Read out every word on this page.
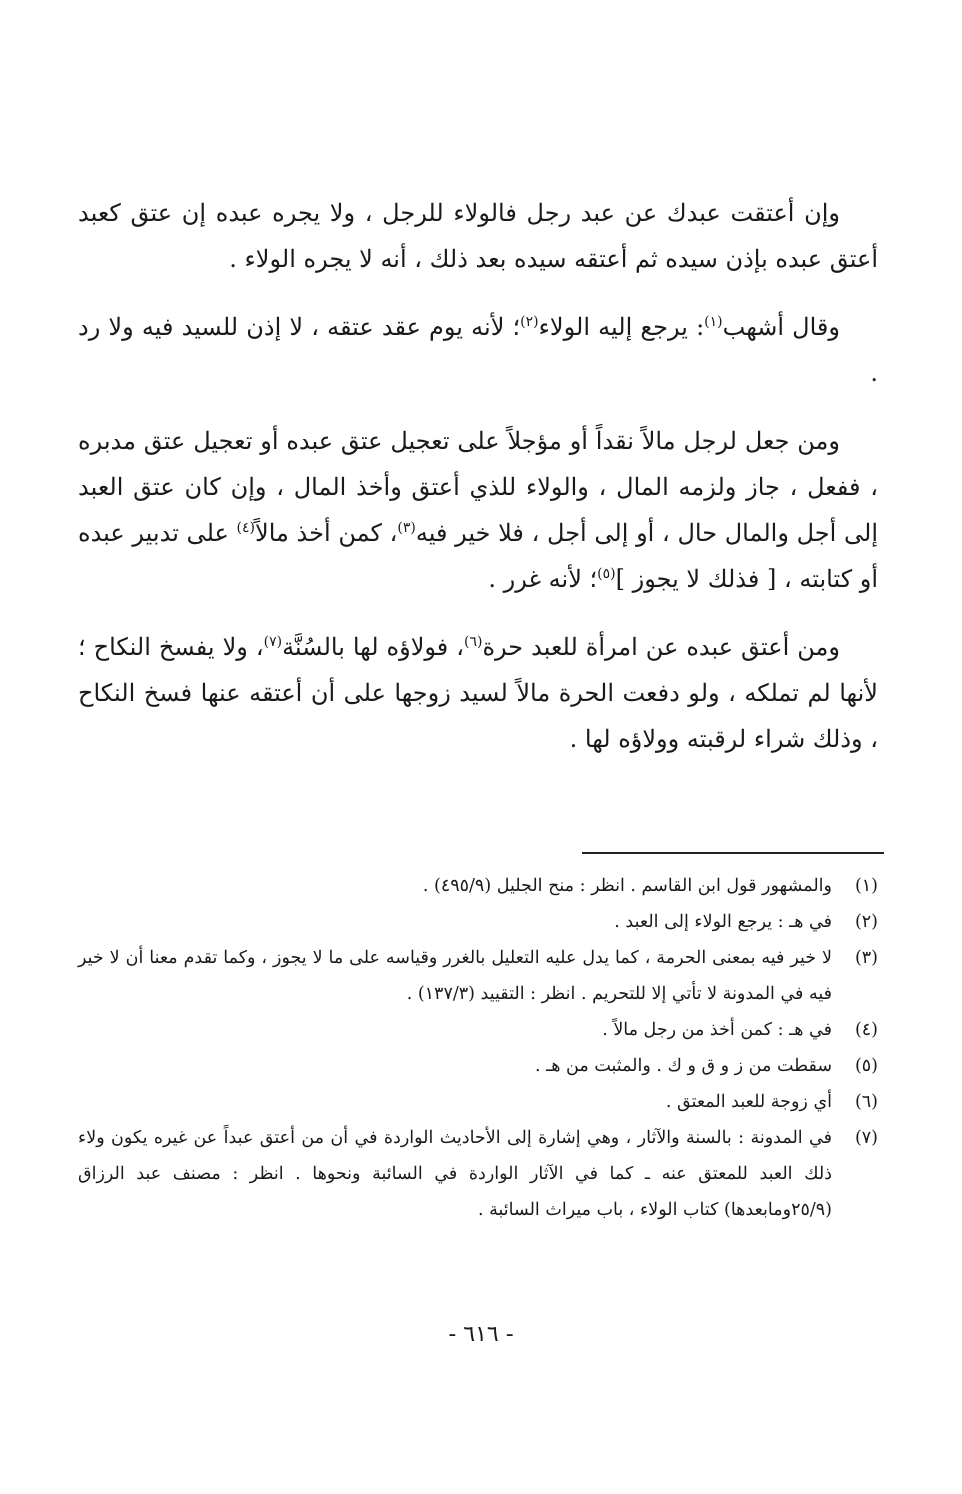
وإن أعتقت عبدك عن عبد رجل فالولاء للرجل ، ولا يجره عبده إن عتق كعبد أعتق عبده بإذن سيده ثم أعتقه سيده بعد ذلك ، أنه لا يجره الولاء .

وقال أشهب$^{(١)}$: يرجع إليه الولاء$^{(٢)}$؛ لأنه يوم عقد عتقه ، لا إذن للسيد فيه ولا رد .

ومن جعل لرجل مالاً نقداً أو مؤجلاً على تعجيل عتق عبده أو تعجيل عتق مدبره ، ففعل ، جاز ولزمه المال ، والولاء للذي أعتق وأخذ المال ، وإن كان عتق العبد إلى أجل والمال حال ، أو إلى أجل ، فلا خير فيه$^{(٣)}$، كمن أخذ مالاً$^{(٤)}$ على تدبير عبده أو كتابته ، [ فذلك لا يجوز ]$^{(٥)}$؛ لأنه غرر .

ومن أعتق عبده عن امرأة للعبد حرة$^{(٦)}$، فولاؤه لها بالسُنَّة$^{(٧)}$، ولا يفسخ النكاح ؛ لأنها لم تملكه ، ولو دفعت الحرة مالاً لسيد زوجها على أن أعتقه عنها فسخ النكاح ، وذلك شراء لرقبته وولاؤه لها .

(١)
والمشهور قول ابن القاسم . انظر : منح الجليل (٤٩٥/٩) .

(٢)
في هـ : يرجع الولاء إلى العبد .

(٣)
لا خير فيه بمعنى الحرمة ، كما يدل عليه التعليل بالغرر وقياسه على ما لا يجوز ، وكما تقدم معنا أن لا خير فيه في المدونة لا تأتي إلا للتحريم . انظر : التقييد (١٣٧/٣) .

(٤)
في هـ : كمن أخذ من رجل مالاً .

(٥)
سقطت من ز و ق و ك . والمثبت من هـ .

(٦)
أي زوجة للعبد المعتق .

(٧)
في المدونة : بالسنة والآثار ، وهي إشارة إلى الأحاديث الواردة في أن من أعتق عبداً عن غيره يكون ولاء ذلك العبد للمعتق عنه ـ كما في الآثار الواردة في السائبة ونحوها . انظر : مصنف عبد الرزاق (٢٥/٩ومابعدها) كتاب الولاء ، باب ميراث السائبة .

- ٦١٦ -
